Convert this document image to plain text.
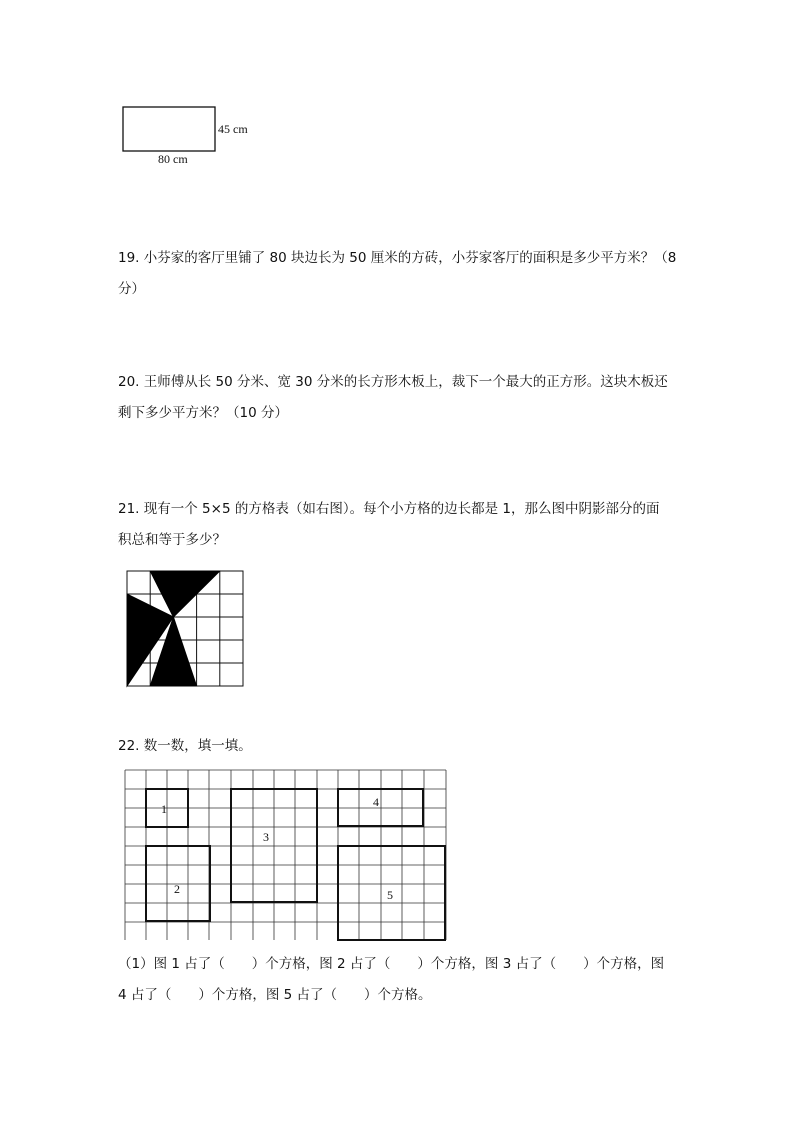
45 cm
80 cm
19. 小芬家的客厅里铺了 80 块边长为 50 厘米的方砖，小芬家客厅的面积是多少平方米？（8
分）
20. 王师傅从长 50 分米、宽 30 分米的长方形木板上，裁下一个最大的正方形。这块木板还
剩下多少平方米？（10 分）
21. 现有一个 5×5 的方格表（如右图）。每个小方格的边长都是 1，那么图中阴影部分的面
积总和等于多少？
22. 数一数，填一填。
1
2
3
4
5
（1）图 1 占了（　　）个方格，图 2 占了（　　）个方格，图 3 占了（　　）个方格，图
4 占了（　　）个方格，图 5 占了（　　）个方格。
